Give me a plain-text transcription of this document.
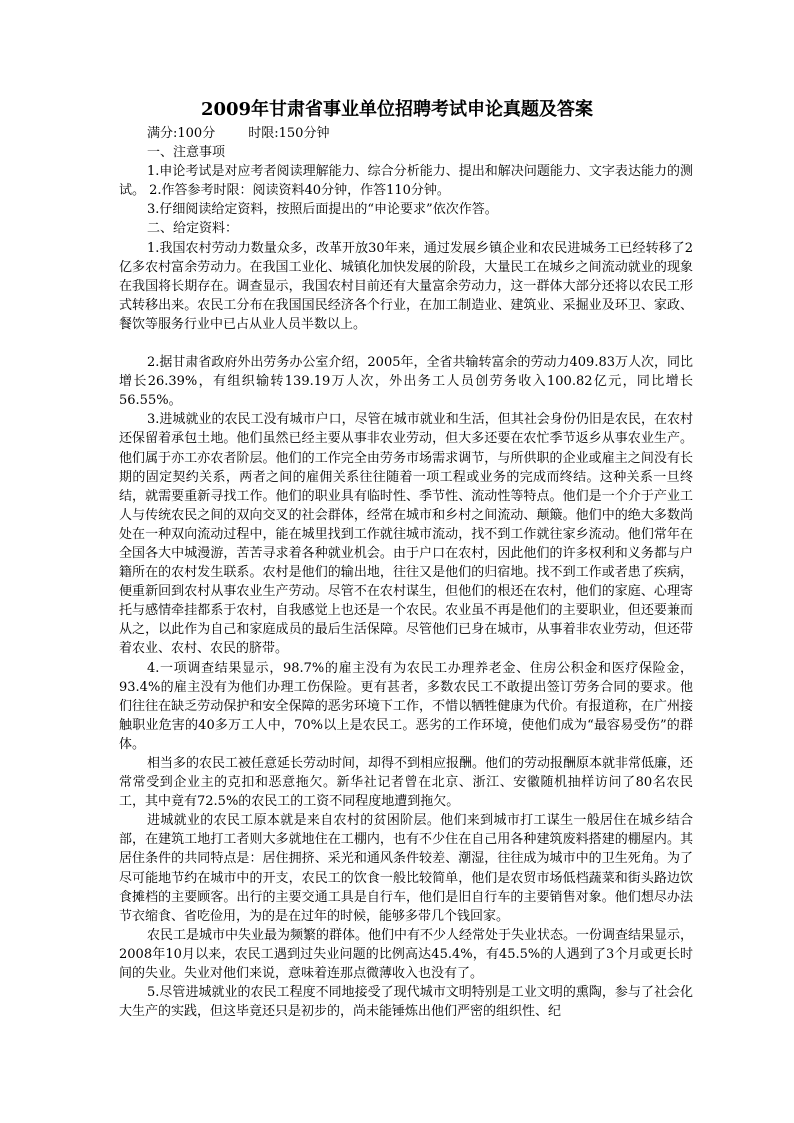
2009年甘肃省事业单位招聘考试申论真题及答案

满分:100分        时限:150分钟

一、注意事项

1.申论考试是对应考者阅读理解能力、综合分析能力、提出和解决问题能力、文字表达能力的测试。 2.作答参考时限：阅读资料40分钟，作答110分钟。

3.仔细阅读给定资料，按照后面提出的“申论要求”依次作答。

二、给定资料：

1.我国农村劳动力数量众多，改革开放30年来，通过发展乡镇企业和农民进城务工已经转移了2亿多农村富余劳动力。在我国工业化、城镇化加快发展的阶段，大量民工在城乡之间流动就业的现象在我国将长期存在。调查显示，我国农村目前还有大量富余劳动力，这一群体大部分还将以农民工形式转移出来。农民工分布在我国国民经济各个行业，在加工制造业、建筑业、采掘业及环卫、家政、餐饮等服务行业中已占从业人员半数以上。

2.据甘肃省政府外出劳务办公室介绍，2005年，全省共输转富余的劳动力409.83万人次，同比增长26.39%，有组织输转139.19万人次，外出务工人员创劳务收入100.82亿元，同比增长56.55%。

3.进城就业的农民工没有城市户口，尽管在城市就业和生活，但其社会身份仍旧是农民，在农村还保留着承包土地。他们虽然已经主要从事非农业劳动，但大多还要在农忙季节返乡从事农业生产。他们属于亦工亦农者阶层。他们的工作完全由劳务市场需求调节，与所供职的企业或雇主之间没有长期的固定契约关系，两者之间的雇佣关系往往随着一项工程或业务的完成而终结。这种关系一旦终结，就需要重新寻找工作。他们的职业具有临时性、季节性、流动性等特点。他们是一个介于产业工人与传统农民之间的双向交叉的社会群体，经常在城市和乡村之间流动、颠簸。他们中的绝大多数尚处在一种双向流动过程中，能在城里找到工作就往城市流动，找不到工作就往家乡流动。他们常年在全国各大中城漫游，苦苦寻求着各种就业机会。由于户口在农村，因此他们的许多权利和义务都与户籍所在的农村发生联系。农村是他们的输出地，往往又是他们的归宿地。找不到工作或者患了疾病，便重新回到农村从事农业生产劳动。尽管不在农村谋生，但他们的根还在农村，他们的家庭、心理寄托与感情牵挂都系于农村，自我感觉上也还是一个农民。农业虽不再是他们的主要职业，但还要兼而从之，以此作为自己和家庭成员的最后生活保障。尽管他们已身在城市，从事着非农业劳动，但还带着农业、农村、农民的脐带。

4.一项调查结果显示，98.7%的雇主没有为农民工办理养老金、住房公积金和医疗保险金，93.4%的雇主没有为他们办理工伤保险。更有甚者，多数农民工不敢提出签订劳务合同的要求。他们往往在缺乏劳动保护和安全保障的恶劣环境下工作，不惜以牺牲健康为代价。有报道称，在广州接触职业危害的40多万工人中，70%以上是农民工。恶劣的工作环境，使他们成为“最容易受伤”的群体。

相当多的农民工被任意延长劳动时间，却得不到相应报酬。他们的劳动报酬原本就非常低廉，还常常受到企业主的克扣和恶意拖欠。新华社记者曾在北京、浙江、安徽随机抽样访问了80名农民工，其中竟有72.5%的农民工的工资不同程度地遭到拖欠。

进城就业的农民工原本就是来自农村的贫困阶层。他们来到城市打工谋生一般居住在城乡结合部，在建筑工地打工者则大多就地住在工棚内，也有不少住在自己用各种建筑废料搭建的棚屋内。其居住条件的共同特点是：居住拥挤、采光和通风条件较差、潮湿，往往成为城市中的卫生死角。为了尽可能地节约在城市中的开支，农民工的饮食一般比较简单，他们是农贸市场低档蔬菜和街头路边饮食摊档的主要顾客。出行的主要交通工具是自行车，他们是旧自行车的主要销售对象。他们想尽办法节衣缩食、省吃俭用，为的是在过年的时候，能够多带几个钱回家。

农民工是城市中失业最为频繁的群体。他们中有不少人经常处于失业状态。一份调查结果显示，2008年10月以来，农民工遇到过失业问题的比例高达45.4%，有45.5%的人遇到了3个月或更长时间的失业。失业对他们来说，意味着连那点微薄收入也没有了。

5.尽管进城就业的农民工程度不同地接受了现代城市文明特别是工业文明的熏陶，参与了社会化大生产的实践，但这毕竟还只是初步的，尚未能锤炼出他们严密的组织性、纪
